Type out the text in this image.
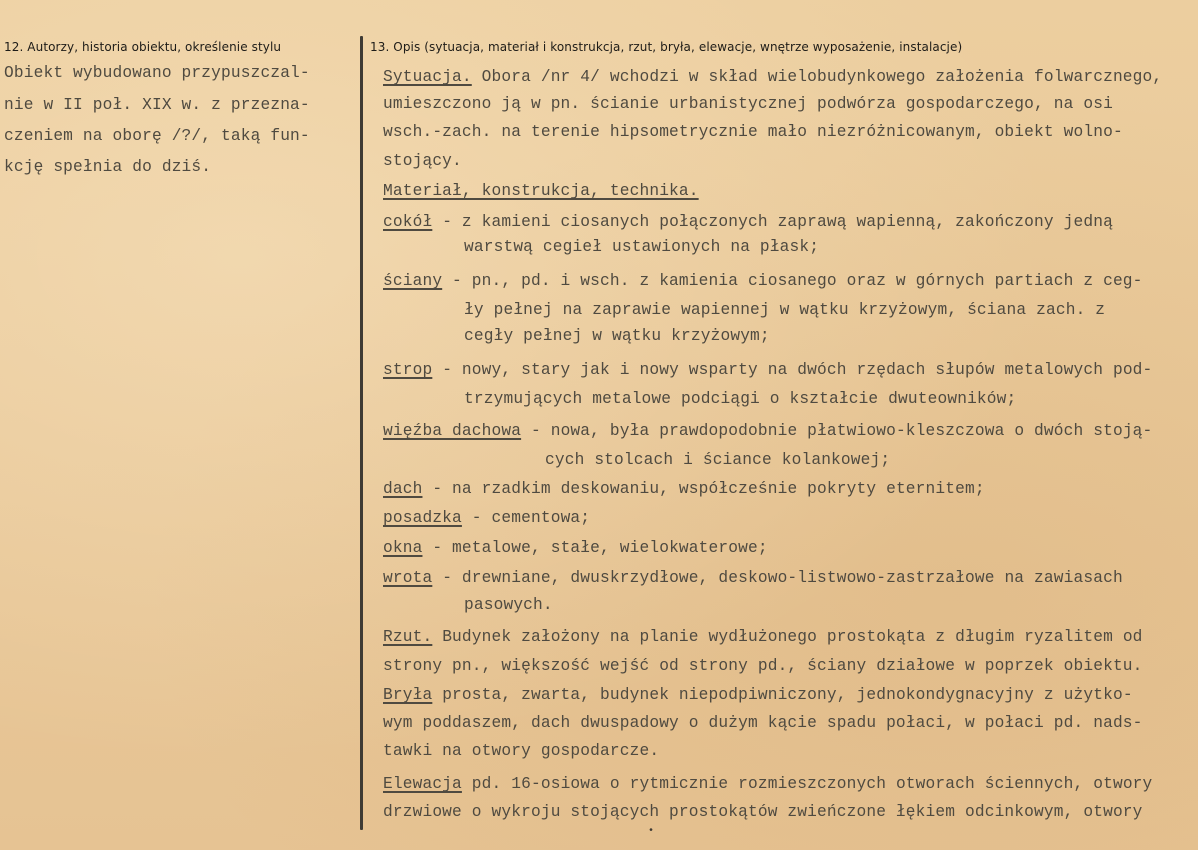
12. Autorzy, historia obiektu, określenie stylu
Obiekt wybudowano przypuszczal-
nie w II poł. XIX w. z przezna-
czeniem na oborę /?/, taką fun-
kcję spełnia do dziś.
13. Opis (sytuacja, materiał i konstrukcja, rzut, bryła, elewacje, wnętrze wyposażenie, instalacje)
Sytuacja. Obora /nr 4/ wchodzi w skład wielobudynkowego założenia folwarcznego,
umieszczono ją w pn. ścianie urbanistycznej podwórza gospodarczego, na osi
wsch.-zach. na terenie hipsometrycznie mało niezróżnicowanym, obiekt wolno-
stojący.
Materiał, konstrukcja, technika.
cokół - z kamieni ciosanych połączonych zaprawą wapienną, zakończony jedną
warstwą cegieł ustawionych na płask;
ściany - pn., pd. i wsch. z kamienia ciosanego oraz w górnych partiach z ceg-
ły pełnej na zaprawie wapiennej w wątku krzyżowym, ściana zach. z
cegły pełnej w wątku krzyżowym;
strop - nowy, stary jak i nowy wsparty na dwóch rzędach słupów metalowych pod-
trzymujących metalowe podciągi o kształcie dwuteowników;
więźba dachowa - nowa, była prawdopodobnie płatwiowo-kleszczowa o dwóch stoją-
cych stolcach i ściance kolankowej;
dach - na rzadkim deskowaniu, współcześnie pokryty eternitem;
posadzka - cementowa;
okna - metalowe, stałe, wielokwaterowe;
wrota - drewniane, dwuskrzydłowe, deskowo-listwowo-zastrzałowe na zawiasach
pasowych.
Rzut. Budynek założony na planie wydłużonego prostokąta z długim ryzalitem od
strony pn., większość wejść od strony pd., ściany działowe w poprzek obiektu.
Bryła prosta, zwarta, budynek niepodpiwniczony, jednokondygnacyjny z użytko-
wym poddaszem, dach dwuspadowy o dużym kącie spadu połaci, w połaci pd. nads-
tawki na otwory gospodarcze.
Elewacja pd. 16-osiowa o rytmicznie rozmieszczonych otworach ściennych, otwory
drzwiowe o wykroju stojących prostokątów zwieńczone łękiem odcinkowym, otwory
•
